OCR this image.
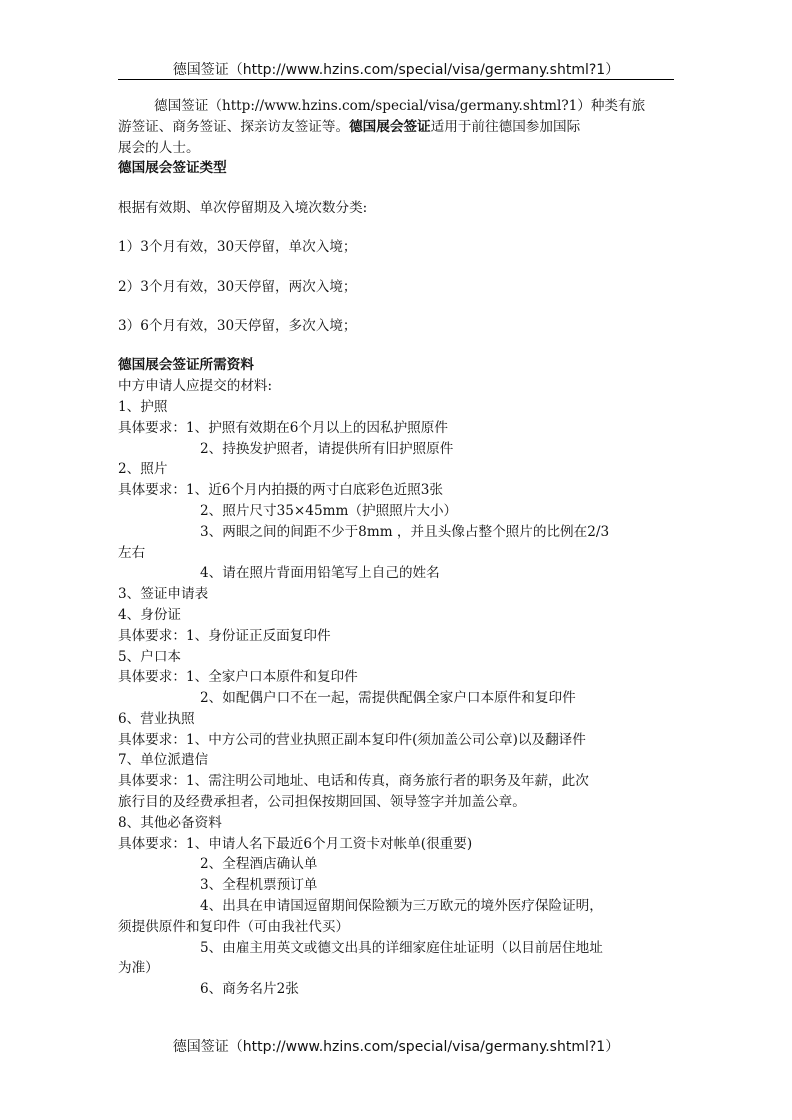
德国签证（http://www.hzins.com/special/visa/germany.shtml?1）
德国签证（http://www.hzins.com/special/visa/germany.shtml?1）种类有旅
游签证、商务签证、探亲访友签证等。德国展会签证适用于前往德国参加国际
展会的人士。
德国展会签证类型
根据有效期、单次停留期及入境次数分类:
1）3个月有效，30天停留，单次入境；
2）3个月有效，30天停留，两次入境；
3）6个月有效，30天停留，多次入境；
德国展会签证所需资料
中方申请人应提交的材料:
1、护照
具体要求：1、护照有效期在6个月以上的因私护照原件
2、持换发护照者，请提供所有旧护照原件
2、照片
具体要求：1、近6个月内拍摄的两寸白底彩色近照3张
2、照片尺寸35×45mm（护照照片大小）
3、两眼之间的间距不少于8mm ，并且头像占整个照片的比例在2/3
左右
4、请在照片背面用铅笔写上自己的姓名
3、签证申请表
4、身份证
具体要求：1、身份证正反面复印件
5、户口本
具体要求：1、全家户口本原件和复印件
2、如配偶户口不在一起，需提供配偶全家户口本原件和复印件
6、营业执照
具体要求：1、中方公司的营业执照正副本复印件(须加盖公司公章)以及翻译件
7、单位派遣信
具体要求：1、需注明公司地址、电话和传真，商务旅行者的职务及年薪，此次
旅行目的及经费承担者，公司担保按期回国、领导签字并加盖公章。
8、其他必备资料
具体要求：1、申请人名下最近6个月工资卡对帐单(很重要)
2、全程酒店确认单
3、全程机票预订单
4、出具在申请国逗留期间保险额为三万欧元的境外医疗保险证明，
须提供原件和复印件（可由我社代买）
5、由雇主用英文或德文出具的详细家庭住址证明（以目前居住地址
为准）
6、商务名片2张
德国签证（http://www.hzins.com/special/visa/germany.shtml?1）
